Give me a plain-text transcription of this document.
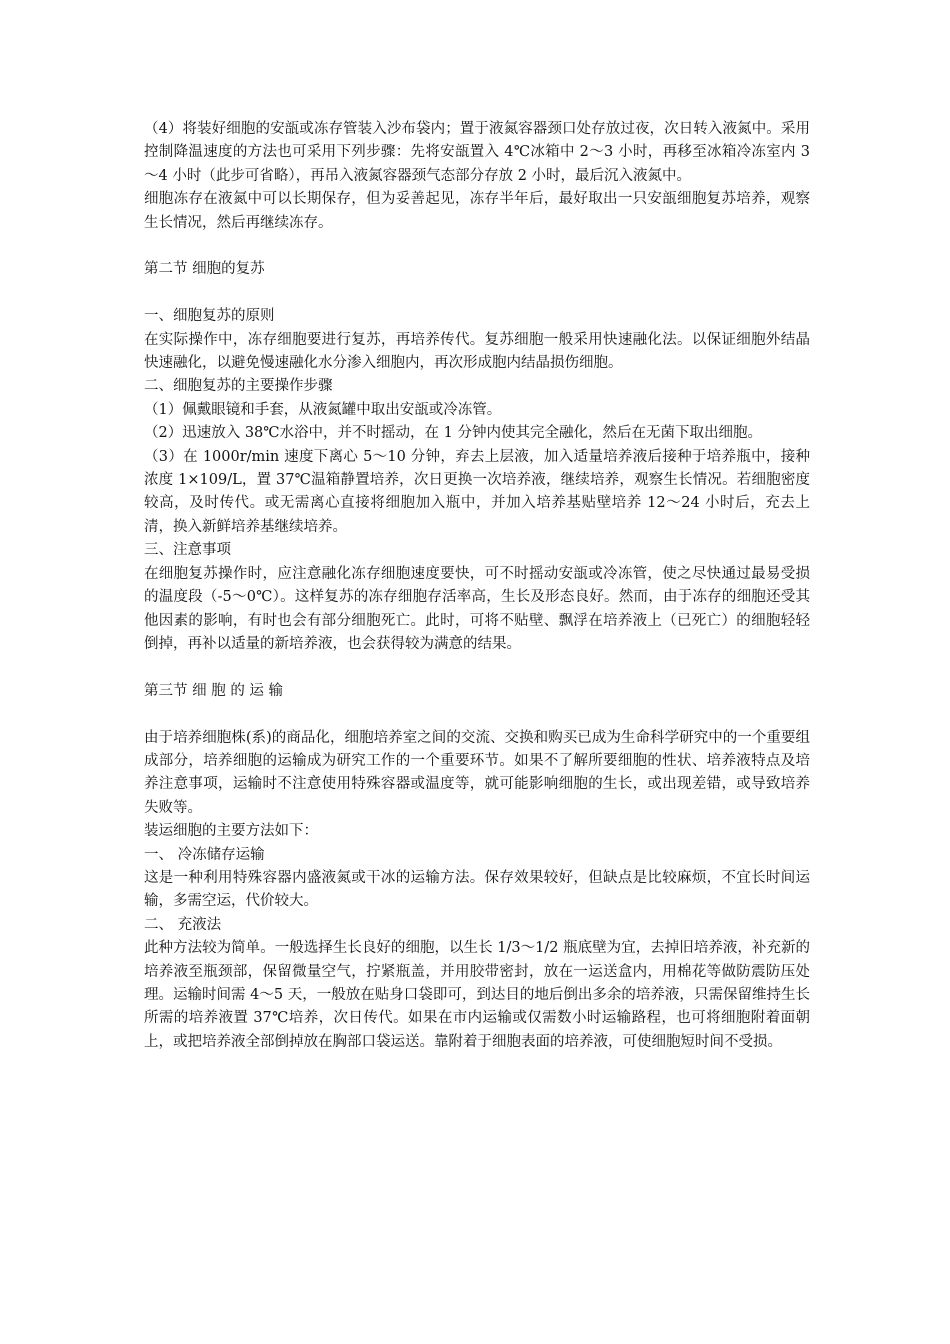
（4）将装好细胞的安瓿或冻存管装入沙布袋内；置于液氮容器颈口处存放过夜，次日转入液氮中。采用控制降温速度的方法也可采用下列步骤：先将安瓿置入 4℃冰箱中 2～3 小时，再移至冰箱冷冻室内 3～4 小时（此步可省略），再吊入液氮容器颈气态部分存放 2 小时，最后沉入液氮中。

细胞冻存在液氮中可以长期保存，但为妥善起见，冻存半年后，最好取出一只安瓿细胞复苏培养，观察生长情况，然后再继续冻存。

第二节 细胞的复苏

一、细胞复苏的原则

在实际操作中，冻存细胞要进行复苏，再培养传代。复苏细胞一般采用快速融化法。以保证细胞外结晶快速融化，以避免慢速融化水分渗入细胞内，再次形成胞内结晶损伤细胞。

二、细胞复苏的主要操作步骤

（1）佩戴眼镜和手套，从液氮罐中取出安瓿或冷冻管。

（2）迅速放入 38℃水浴中，并不时摇动，在 1 分钟内使其完全融化，然后在无菌下取出细胞。

（3）在 1000r/min 速度下离心 5～10 分钟，弃去上层液，加入适量培养液后接种于培养瓶中，接种浓度 1×109/L，置 37℃温箱静置培养，次日更换一次培养液，继续培养，观察生长情况。若细胞密度较高，及时传代。或无需离心直接将细胞加入瓶中，并加入培养基贴壁培养 12～24 小时后，充去上清，换入新鲜培养基继续培养。

三、注意事项

在细胞复苏操作时，应注意融化冻存细胞速度要快，可不时摇动安瓿或冷冻管，使之尽快通过最易受损的温度段（-5～0℃）。这样复苏的冻存细胞存活率高，生长及形态良好。然而，由于冻存的细胞还受其他因素的影响，有时也会有部分细胞死亡。此时，可将不贴壁、飘浮在培养液上（已死亡）的细胞轻轻倒掉，再补以适量的新培养液，也会获得较为满意的结果。

第三节 细 胞 的 运 输

由于培养细胞株(系)的商品化，细胞培养室之间的交流、交换和购买已成为生命科学研究中的一个重要组成部分，培养细胞的运输成为研究工作的一个重要环节。如果不了解所要细胞的性状、培养液特点及培养注意事项，运输时不注意使用特殊容器或温度等，就可能影响细胞的生长，或出现差错，或导致培养失败等。

装运细胞的主要方法如下：

一、 冷冻储存运输

这是一种利用特殊容器内盛液氮或干冰的运输方法。保存效果较好，但缺点是比较麻烦，不宜长时间运输，多需空运，代价较大。

二、 充液法

此种方法较为简单。一般选择生长良好的细胞，以生长 1/3～1/2 瓶底壁为宜，去掉旧培养液，补充新的培养液至瓶颈部，保留微量空气，拧紧瓶盖，并用胶带密封，放在一运送盒内，用棉花等做防震防压处理。运输时间需 4～5 天，一般放在贴身口袋即可，到达目的地后倒出多余的培养液，只需保留维持生长所需的培养液置 37℃培养，次日传代。如果在市内运输或仅需数小时运输路程，也可将细胞附着面朝上，或把培养液全部倒掉放在胸部口袋运送。靠附着于细胞表面的培养液，可使细胞短时间不受损。
